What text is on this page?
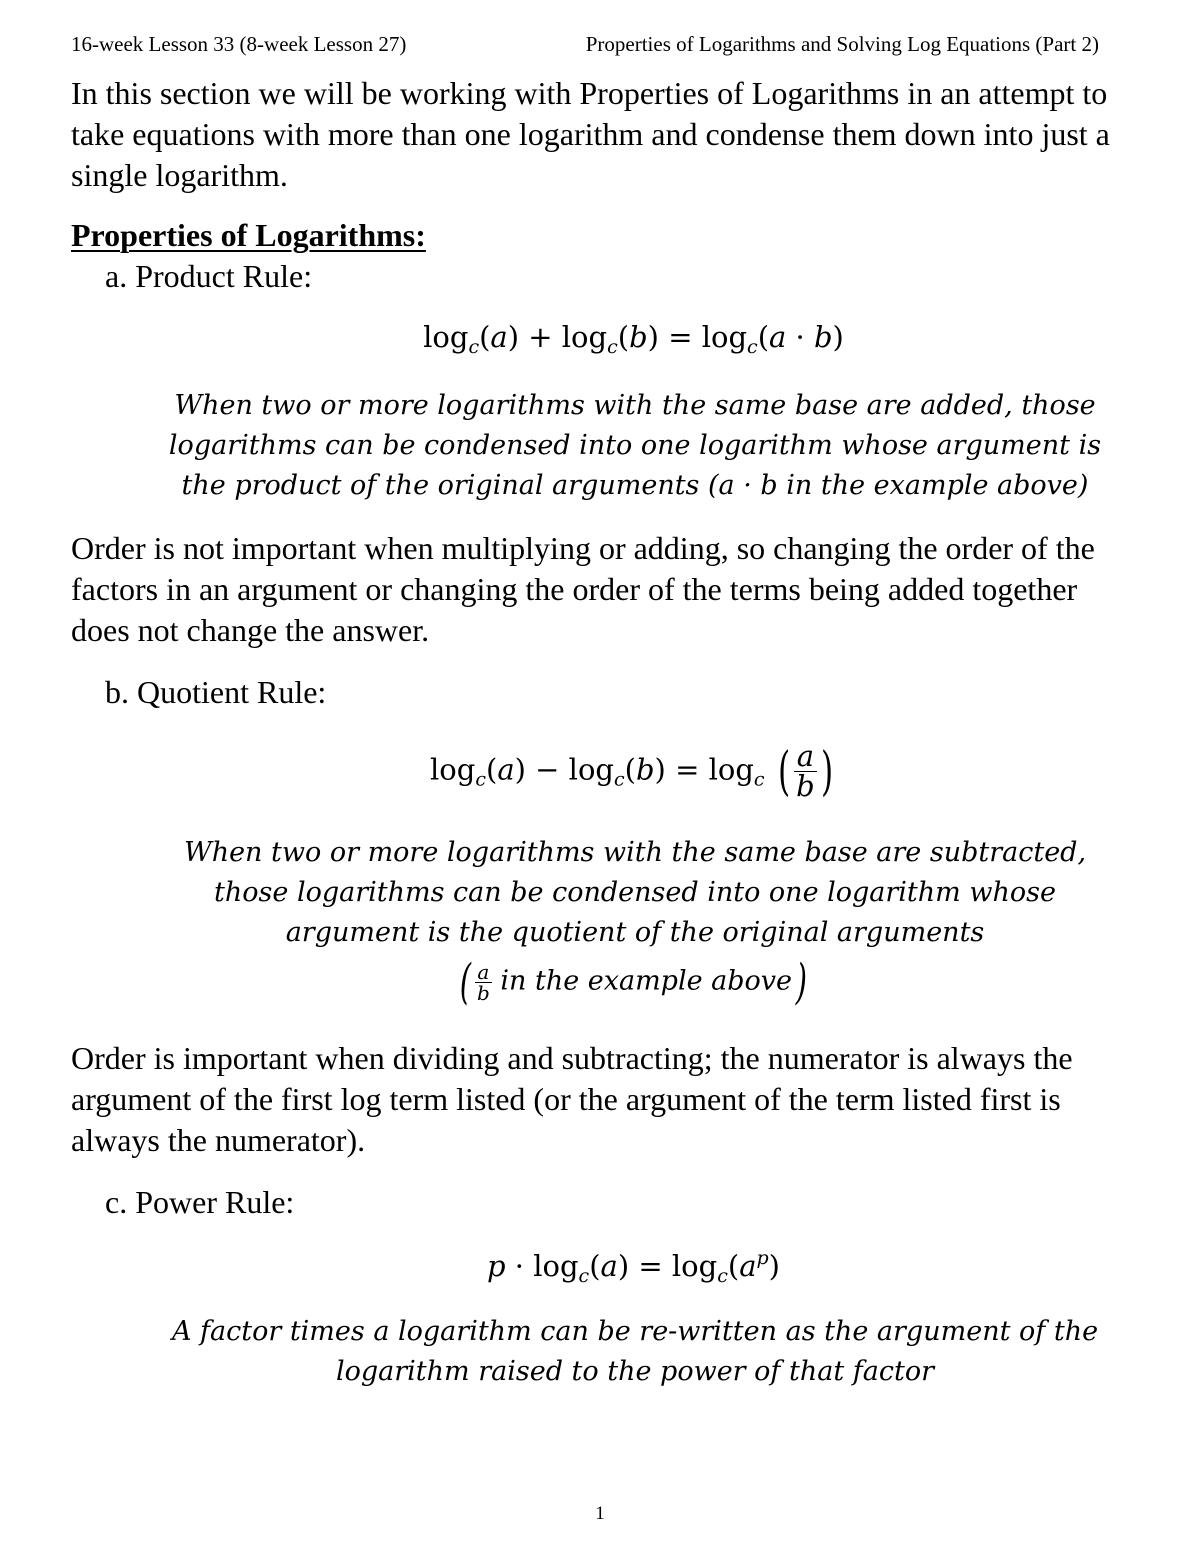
16-week Lesson 33 (8-week Lesson 27)	Properties of Logarithms and Solving Log Equations (Part 2)
In this section we will be working with Properties of Logarithms in an attempt to take equations with more than one logarithm and condense them down into just a single logarithm.
Properties of Logarithms:
a. Product Rule:
$\log_c(a) + \log_c(b) = \log_c(a \cdot b)$
When two or more logarithms with the same base are added, those logarithms can be condensed into one logarithm whose argument is the product of the original arguments (a · b in the example above)
Order is not important when multiplying or adding, so changing the order of the factors in an argument or changing the order of the terms being added together does not change the answer.
b. Quotient Rule:
$\log_c(a) - \log_c(b) = \log_c$ ( $\frac{a}{b}$ )
When two or more logarithms with the same base are subtracted, those logarithms can be condensed into one logarithm whose argument is the quotient of the original arguments
( $\frac{a}{b}$ in the example above)
Order is important when dividing and subtracting; the numerator is always the argument of the first log term listed (or the argument of the term listed first is always the numerator).
c. Power Rule:
$p \cdot \log_c(a) = \log_c(a^p)$
A factor times a logarithm can be re-written as the argument of the logarithm raised to the power of that factor
1
